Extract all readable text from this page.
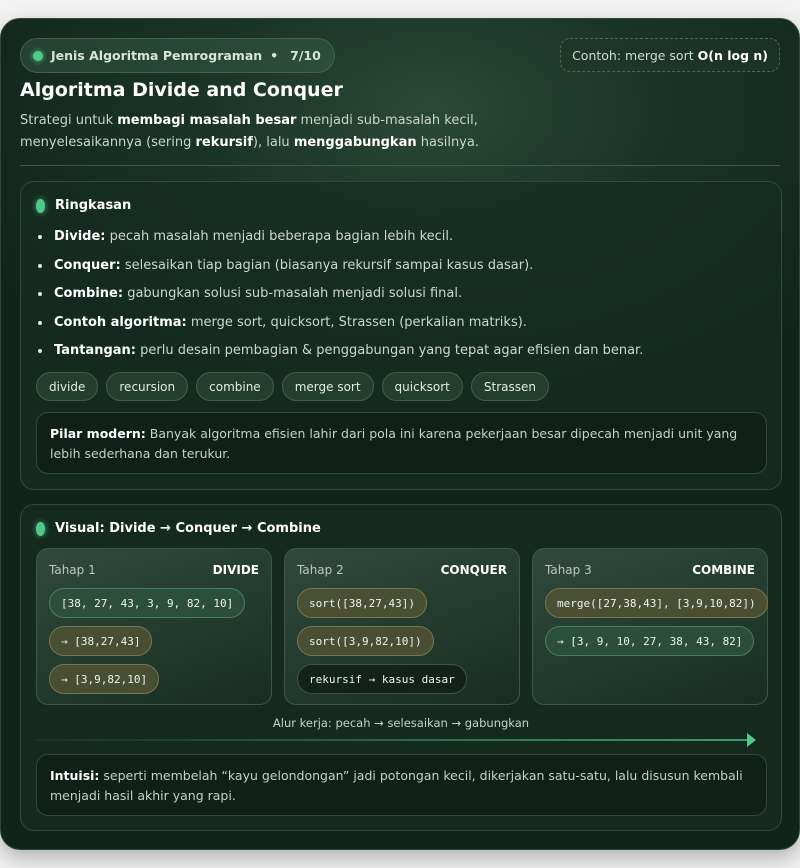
Jenis Algoritma Pemrograman • 7/10	Contoh: merge sort O(n log n)
Algoritma Divide and Conquer
Strategi untuk membagi masalah besar menjadi sub-masalah kecil, menyelesaikannya (sering rekursif), lalu menggabungkan hasilnya.
Ringkasan
Divide: pecah masalah menjadi beberapa bagian lebih kecil.
Conquer: selesaikan tiap bagian (biasanya rekursif sampai kasus dasar).
Combine: gabungkan solusi sub-masalah menjadi solusi final.
Contoh algoritma: merge sort, quicksort, Strassen (perkalian matriks).
Tantangan: perlu desain pembagian & penggabungan yang tepat agar efisien dan benar.
divide	recursion	combine	merge sort	quicksort	Strassen
Pilar modern: Banyak algoritma efisien lahir dari pola ini karena pekerjaan besar dipecah menjadi unit yang lebih sederhana dan terukur.
Visual: Divide → Conquer → Combine
Tahap 1	DIVIDE
[38, 27, 43, 3, 9, 82, 10]
→ [38,27,43]
→ [3,9,82,10]
Tahap 2	CONQUER
sort([38,27,43])
sort([3,9,82,10])
rekursif → kasus dasar
Tahap 3	COMBINE
merge([27,38,43], [3,9,10,82])
→ [3, 9, 10, 27, 38, 43, 82]
Alur kerja: pecah → selesaikan → gabungkan
Intuisi: seperti membelah “kayu gelondongan” jadi potongan kecil, dikerjakan satu-satu, lalu disusun kembali menjadi hasil akhir yang rapi.
